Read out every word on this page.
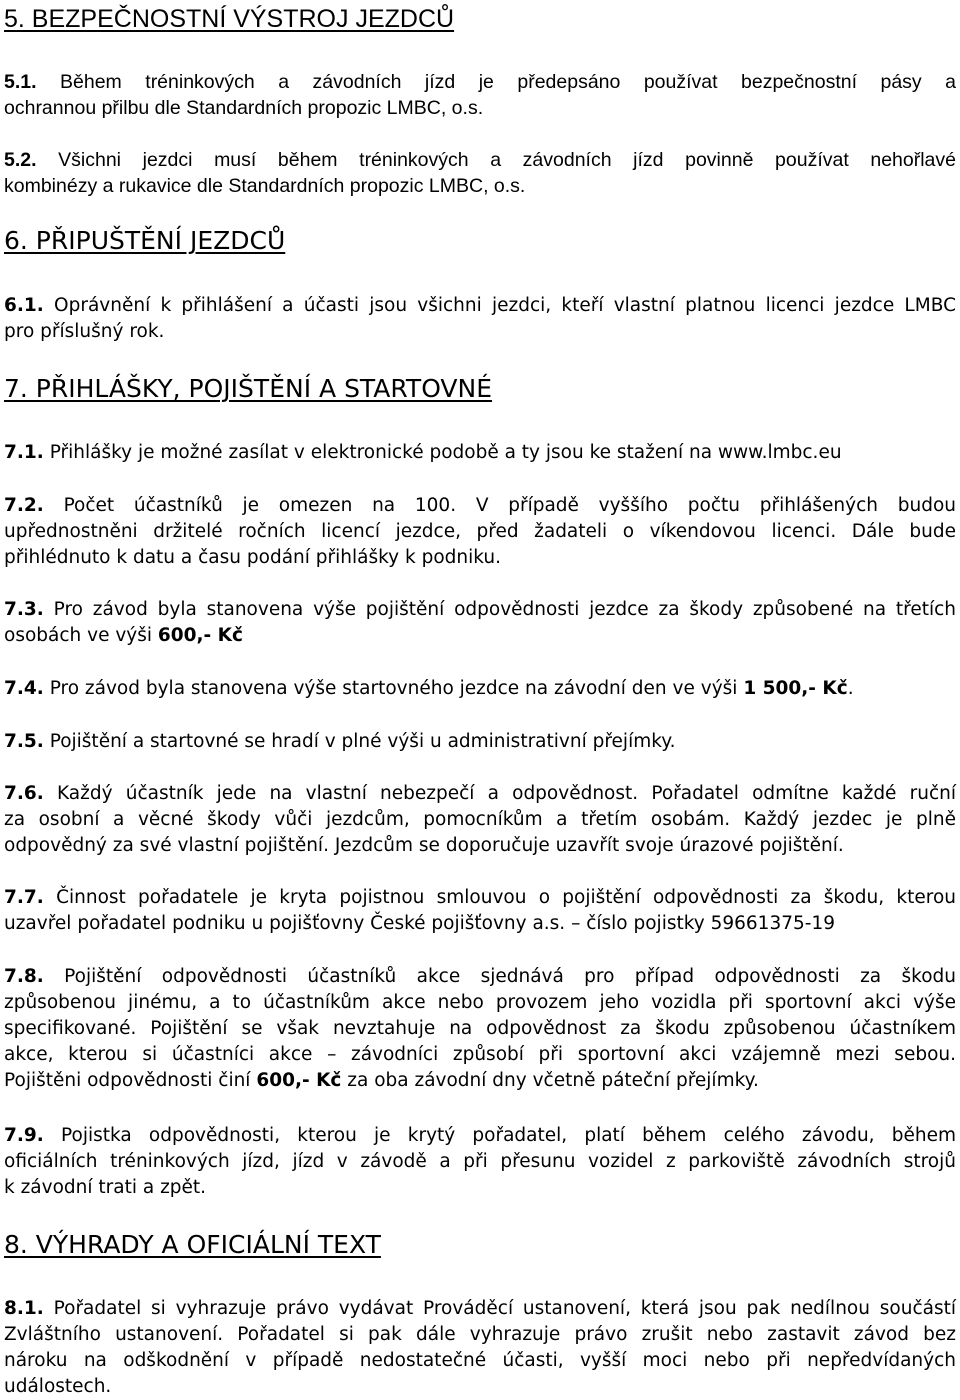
5. BEZPEČNOSTNÍ VÝSTROJ JEZDCŮ
5.1. Během tréninkových a závodních jízd je předepsáno používat bezpečnostní pásy a
ochrannou přilbu dle Standardních propozic LMBC, o.s.
5.2. Všichni jezdci musí během tréninkových a závodních jízd povinně používat nehořlavé
kombinézy a rukavice dle Standardních propozic LMBC, o.s.
6. PŘIPUŠTĚNÍ JEZDCŮ
6.1. Oprávnění k přihlášení a účasti jsou všichni jezdci, kteří vlastní platnou licenci jezdce LMBC
pro příslušný rok.
7. PŘIHLÁŠKY, POJIŠTĚNÍ A STARTOVNÉ
7.1. Přihlášky je možné zasílat v elektronické podobě a ty jsou ke stažení na www.lmbc.eu
7.2. Počet účastníků je omezen na 100. V případě vyššího počtu přihlášených budou
upřednostněni držitelé ročních licencí jezdce, před žadateli o víkendovou licenci. Dále bude
přihlédnuto k datu a času podání přihlášky k podniku.
7.3. Pro závod byla stanovena výše pojištění odpovědnosti jezdce za škody způsobené na třetích
osobách ve výši 600,- Kč
7.4. Pro závod byla stanovena výše startovného jezdce na závodní den ve výši 1 500,- Kč.
7.5. Pojištění a startovné se hradí v plné výši u administrativní přejímky.
7.6. Každý účastník jede na vlastní nebezpečí a odpovědnost. Pořadatel odmítne každé ruční
za osobní a věcné škody vůči jezdcům, pomocníkům a třetím osobám. Každý jezdec je plně
odpovědný za své vlastní pojištění. Jezdcům se doporučuje uzavřít svoje úrazové pojištění.
7.7. Činnost pořadatele je kryta pojistnou smlouvou o pojištění odpovědnosti za škodu, kterou
uzavřel pořadatel podniku u pojišťovny České pojišťovny a.s. – číslo pojistky 59661375-19
7.8. Pojištění odpovědnosti účastníků akce sjednává pro případ odpovědnosti za škodu
způsobenou jinému, a to účastníkům akce nebo provozem jeho vozidla při sportovní akci výše
specifikované. Pojištění se však nevztahuje na odpovědnost za škodu způsobenou účastníkem
akce, kterou si účastníci akce – závodníci způsobí při sportovní akci vzájemně mezi sebou.
Pojištěni odpovědnosti činí 600,- Kč za oba závodní dny včetně páteční přejímky.
7.9. Pojistka odpovědnosti, kterou je krytý pořadatel, platí během celého závodu, během
oficiálních tréninkových jízd, jízd v závodě a při přesunu vozidel z parkoviště závodních strojů
k závodní trati a zpět.
8. VÝHRADY A OFICIÁLNÍ TEXT
8.1. Pořadatel si vyhrazuje právo vydávat Prováděcí ustanovení, která jsou pak nedílnou součástí
Zvláštního ustanovení. Pořadatel si pak dále vyhrazuje právo zrušit nebo zastavit závod bez
nároku na odškodnění v případě nedostatečné účasti, vyšší moci nebo při nepředvídaných
událostech.
